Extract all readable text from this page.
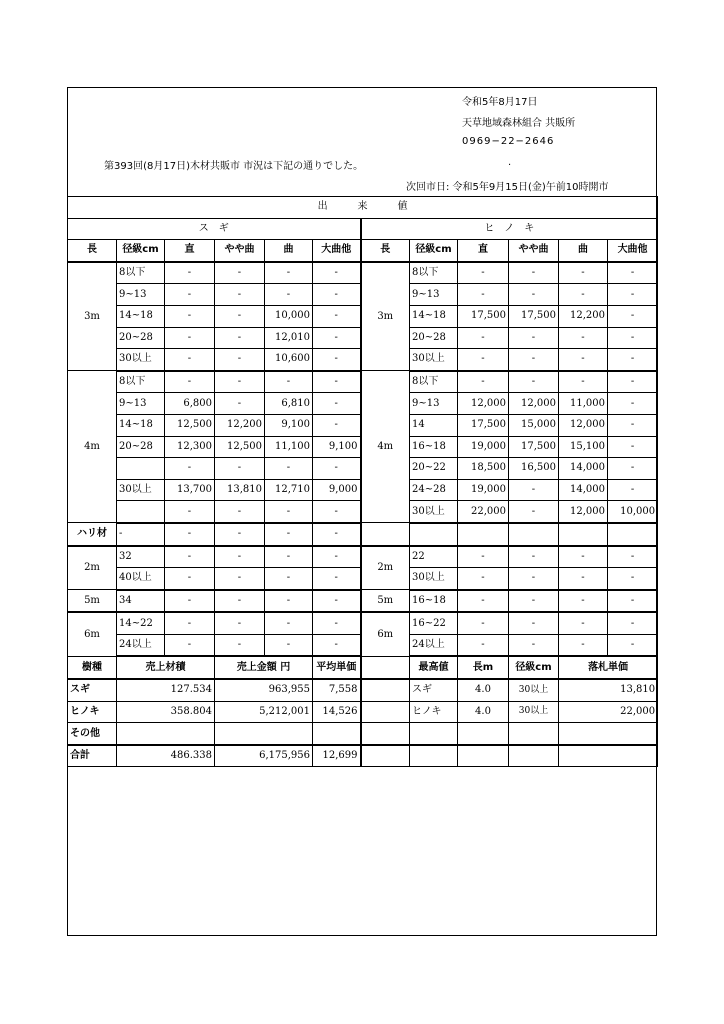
令和5年8月17日
天草地域森林組合 共販所
0969−22−2646
第393回(8月17日)木材共販市 市況は下記の通りでした。	.
次回市日: 令和5年9月15日(金)午前10時開市
出　　　来　　　値											
ス　ギ						ヒ　ノ　キ					
長	径級cm	直	やや曲	曲	大曲他	長	径級cm	直	やや曲	曲	大曲他
3m	8以下	-	-	-	-	3m	8以下	-	-	-	-
	9~13	-	-	-	-		9~13	-	-	-	-
	14~18	-	-	10,000	-		14~18	17,500	17,500	12,200	-
	20~28	-	-	12,010	-		20~28	-	-	-	-
	30以上	-	-	10,600	-		30以上	-	-	-	-
4m	8以下	-	-	-	-	4m	8以下	-	-	-	-
	9~13	6,800	-	6,810	-		9~13	12,000	12,000	11,000	-
	14~18	12,500	12,200	9,100	-		14	17,500	15,000	12,000	-
	20~28	12,300	12,500	11,100	9,100		16~18	19,000	17,500	15,100	-
		-	-	-	-		20~22	18,500	16,500	14,000	-
	30以上	13,700	13,810	12,710	9,000		24~28	19,000	-	14,000	-
		-	-	-	-		30以上	22,000	-	12,000	10,000
ハリ材	-	-	-	-	-						
2m	32	-	-	-	-	2m	22	-	-	-	-
	40以上	-	-	-	-		30以上	-	-	-	-
5m	34	-	-	-	-	5m	16~18	-	-	-	-
6m	14~22	-	-	-	-	6m	16~22	-	-	-	-
	24以上	-	-	-	-		24以上	-	-	-	-
樹種	売上材積		売上金額 円		平均単価		最高値	長m	径級cm	落札単価	
スギ	127.534		963,955		7,558		スギ	4.0	30以上	13,810	
ヒノキ	358.804		5,212,001		14,526		ヒノキ	4.0	30以上	22,000	
その他											
合計	486.338		6,175,956		12,699						
